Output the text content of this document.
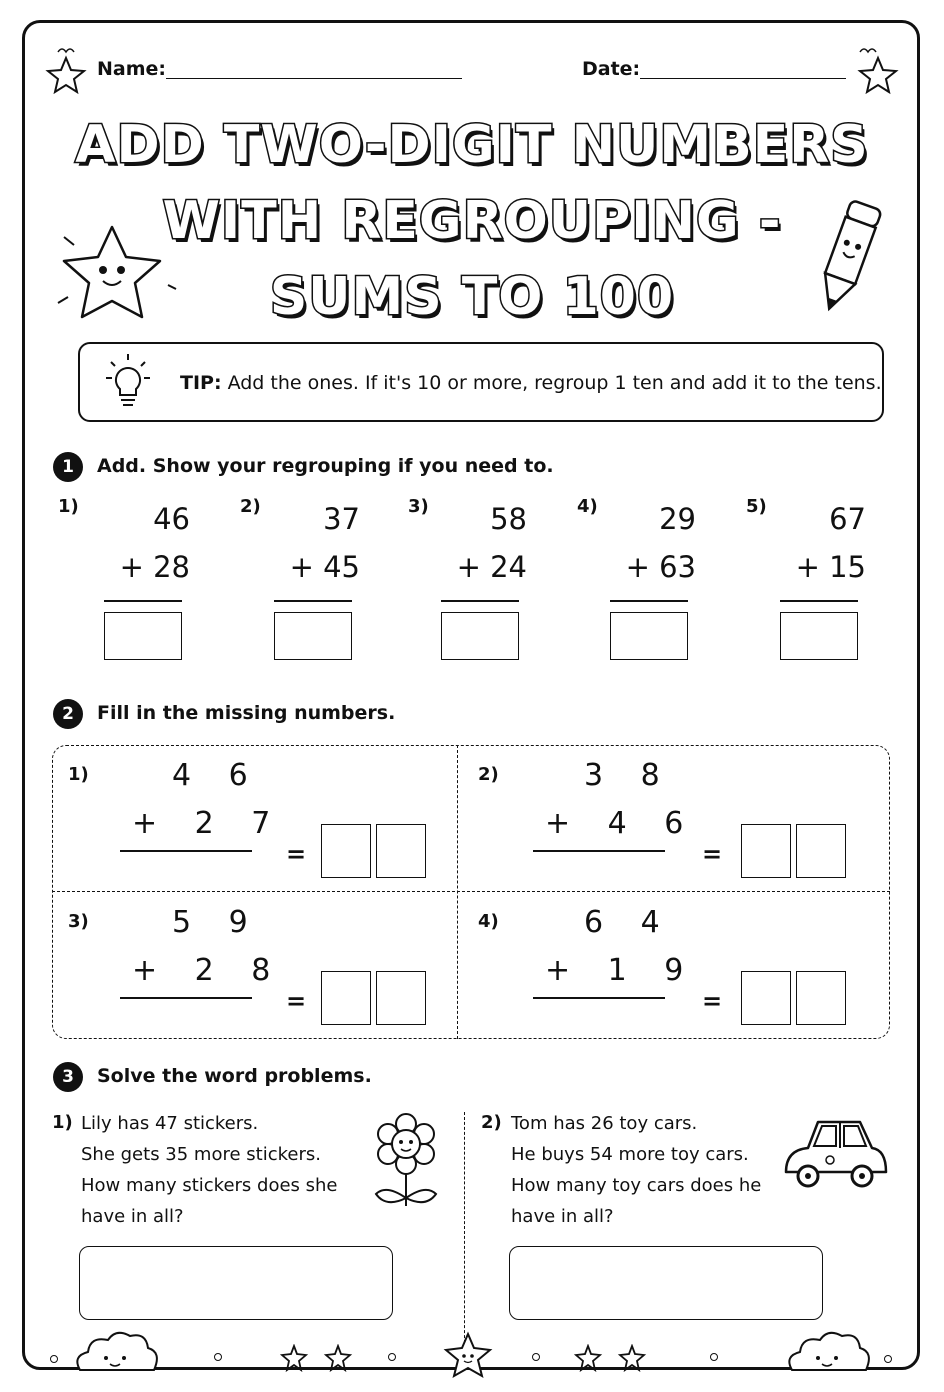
Name:	Date:
ADD TWO-DIGIT NUMBERS
WITH REGROUPING -
SUMS TO 100
TIP: Add the ones. If it's 10 or more, regroup 1 ten and add it to the tens.
1	Add. Show your regrouping if you need to.
1)	46
+ 28
2)	37
+ 45
3)	58
+ 24
4)	29
+ 63
5)	67
+ 15
2	Fill in the missing numbers.
1)	4 6
+ 2 7
=
2)	3 8
+ 4 6
=
3)	5 9
+ 2 8
=
4)	6 4
+ 1 9
=
3	Solve the word problems.
1) Lily has 47 stickers.
She gets 35 more stickers.
How many stickers does she
have in all?
2) Tom has 26 toy cars.
He buys 54 more toy cars.
How many toy cars does he
have in all?
